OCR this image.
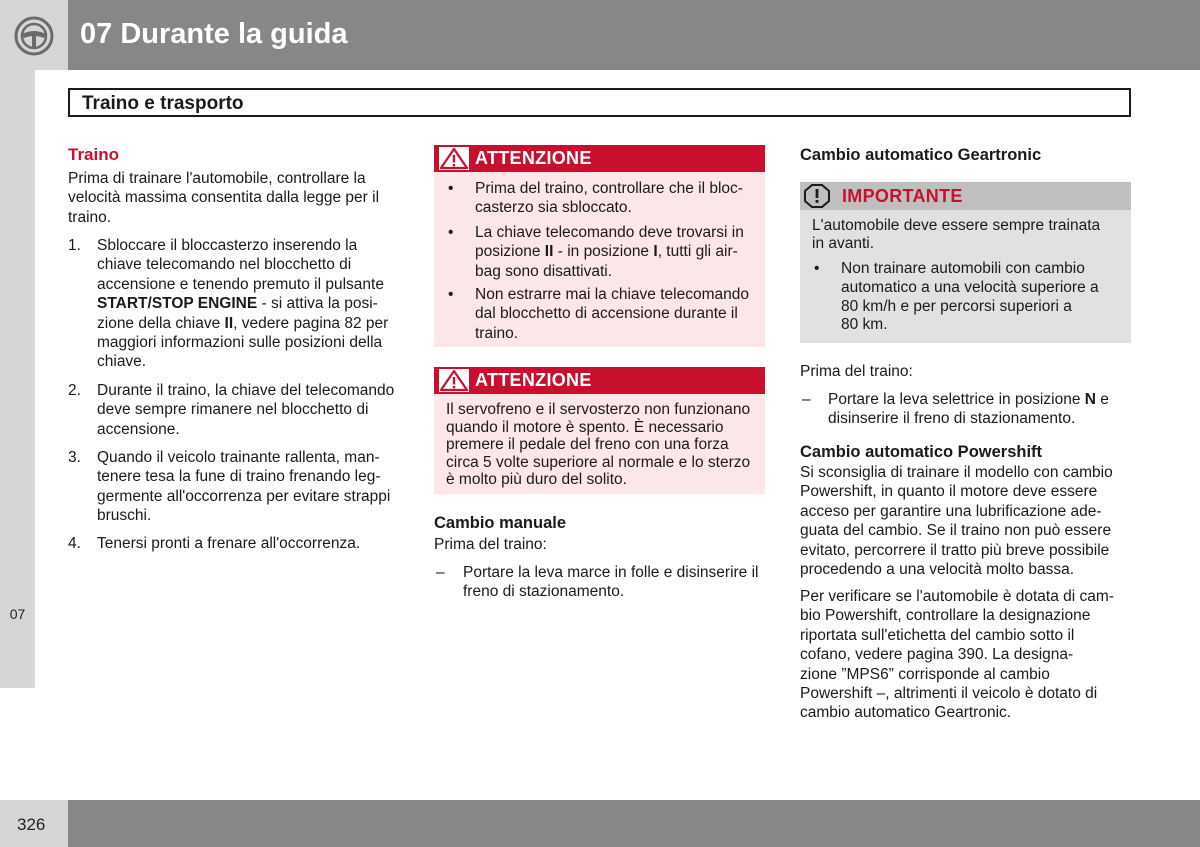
07 Durante la guida
07
Traino e trasporto
Traino
Prima di trainare l'automobile, controllare la velocità massima consentita dalla legge per il traino.
1. Sbloccare il bloccasterzo inserendo la
chiave telecomando nel blocchetto di
accensione e tenendo premuto il pulsante
START/STOP ENGINE - si attiva la posi-
zione della chiave II, vedere pagina 82 per
maggiori informazioni sulle posizioni della
chiave.
2. Durante il traino, la chiave del telecomando
deve sempre rimanere nel blocchetto di
accensione.
3. Quando il veicolo trainante rallenta, man-
tenere tesa la fune di traino frenando leg-
germente all'occorrenza per evitare strappi
bruschi.
4. Tenersi pronti a frenare all'occorrenza.
ATTENZIONE
• Prima del traino, controllare che il bloc-
casterzo sia sbloccato.
• La chiave telecomando deve trovarsi in
posizione II - in posizione I, tutti gli air-
bag sono disattivati.
• Non estrarre mai la chiave telecomando
dal blocchetto di accensione durante il
traino.
ATTENZIONE
Il servofreno e il servosterzo non funzionano
quando il motore è spento. È necessario
premere il pedale del freno con una forza
circa 5 volte superiore al normale e lo sterzo
è molto più duro del solito.
Cambio manuale
Prima del traino:
– Portare la leva marce in folle e disinserire il
freno di stazionamento.
Cambio automatico Geartronic
IMPORTANTE
L'automobile deve essere sempre trainata
in avanti.
• Non trainare automobili con cambio
automatico a una velocità superiore a
80 km/h e per percorsi superiori a
80 km.
Prima del traino:
– Portare la leva selettrice in posizione N e
disinserire il freno di stazionamento.
Cambio automatico Powershift
Si sconsiglia di trainare il modello con cambio
Powershift, in quanto il motore deve essere
acceso per garantire una lubrificazione ade-
guata del cambio. Se il traino non può essere
evitato, percorrere il tratto più breve possibile
procedendo a una velocità molto bassa.
Per verificare se l'automobile è dotata di cam-
bio Powershift, controllare la designazione
riportata sull'etichetta del cambio sotto il
cofano, vedere pagina 390. La designa-
zione ”MPS6” corrisponde al cambio
Powershift –, altrimenti il veicolo è dotato di
cambio automatico Geartronic.
326
